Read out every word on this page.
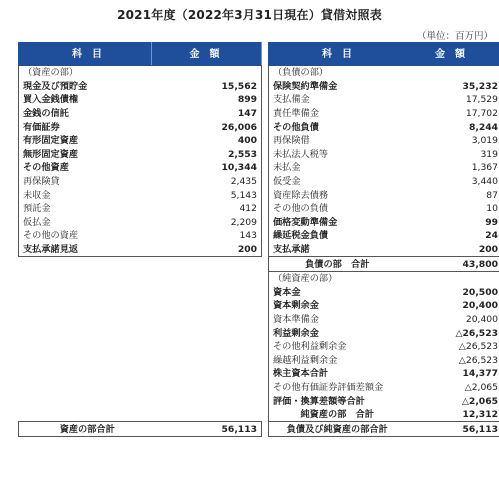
2021年度（2022年3月31日現在）貸借対照表
（単位：百万円）
科　目	金　額		科　目	金　額
（資産の部）			（負債の部）	
現金及び預貯金	15,562		保険契約準備金	35,232
買入金銭債権	899		支払備金	17,529
金銭の信託	147		責任準備金	17,702
有価証券	26,006		その他負債	8,244
有形固定資産	400		再保険借	3,019
無形固定資産	2,553		未払法人税等	319
その他資産	10,344		未払金	1,367
再保険貸	2,435		仮受金	3,440
未収金	5,143		資産除去債務	87
預託金	412		その他の負債	10
仮払金	2,209		価格変動準備金	99
その他の資産	143		繰延税金負債	24
支払承諾見返	200		支払承諾	200
			負債の部　合計	43,800
			（純資産の部）	
			資本金	20,500
			資本剰余金	20,400
			資本準備金	20,400
			利益剰余金	△26,523
			その他利益剰余金	△26,523
			繰越利益剰余金	△26,523
			株主資本合計	14,377
			その他有価証券評価差額金	△2,065
			評価・換算差額等合計	△2,065
			純資産の部　合計	12,312
資産の部合計	56,113		負債及び純資産の部合計	56,113
